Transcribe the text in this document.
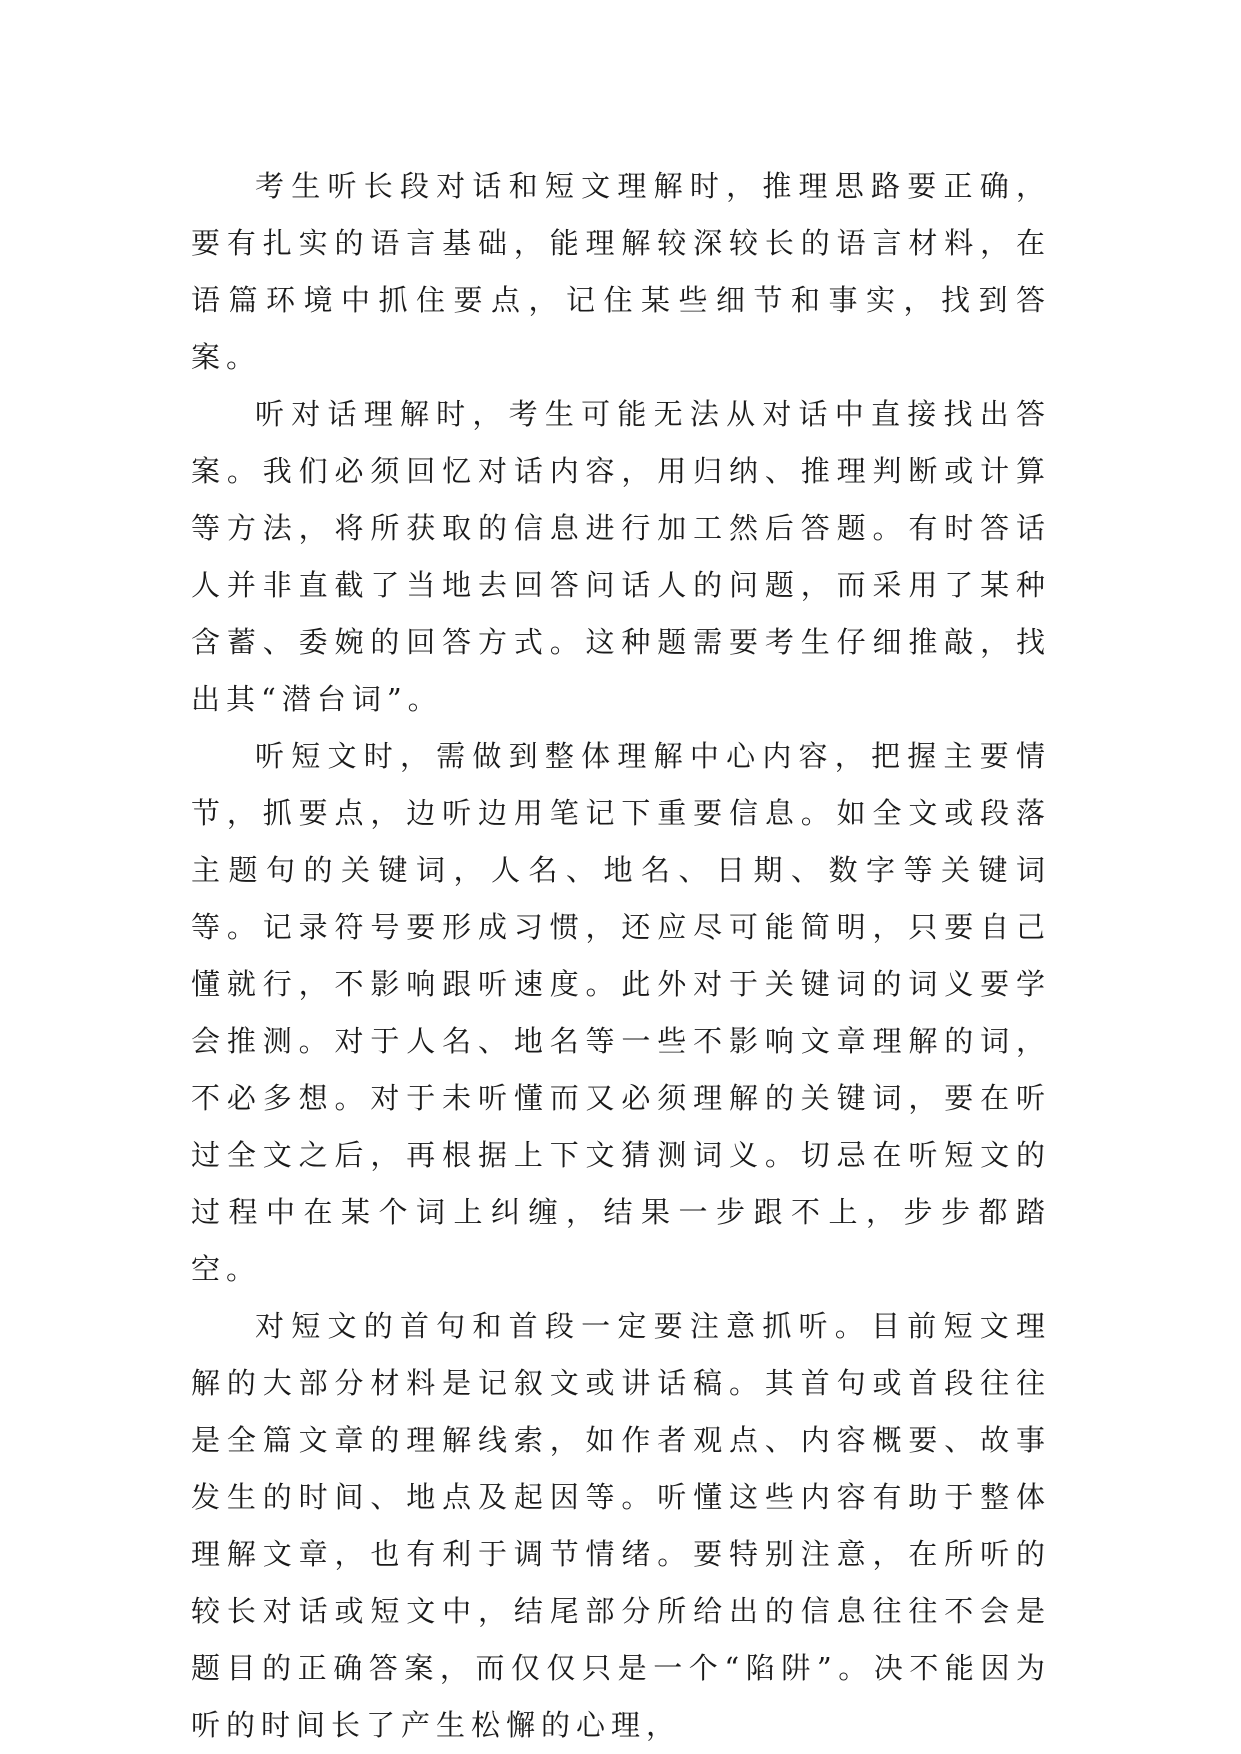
考生听长段对话和短文理解时，推理思路要正确，要有扎实的语言基础，能理解较深较长的语言材料，在语篇环境中抓住要点，记住某些细节和事实，找到答案。

听对话理解时，考生可能无法从对话中直接找出答案。我们必须回忆对话内容，用归纳、推理判断或计算等方法，将所获取的信息进行加工然后答题。有时答话人并非直截了当地去回答问话人的问题，而采用了某种含蓄、委婉的回答方式。这种题需要考生仔细推敲，找出其“潜台词”。

听短文时，需做到整体理解中心内容，把握主要情节，抓要点，边听边用笔记下重要信息。如全文或段落主题句的关键词，人名、地名、日期、数字等关键词等。记录符号要形成习惯，还应尽可能简明，只要自己懂就行，不影响跟听速度。此外对于关键词的词义要学会推测。对于人名、地名等一些不影响文章理解的词，不必多想。对于未听懂而又必须理解的关键词，要在听过全文之后，再根据上下文猜测词义。切忌在听短文的过程中在某个词上纠缠，结果一步跟不上，步步都踏空。

对短文的首句和首段一定要注意抓听。目前短文理解的大部分材料是记叙文或讲话稿。其首句或首段往往是全篇文章的理解线索，如作者观点、内容概要、故事发生的时间、地点及起因等。听懂这些内容有助于整体理解文章，也有利于调节情绪。要特别注意，在所听的较长对话或短文中，结尾部分所给出的信息往往不会是题目的正确答案，而仅仅只是一个“陷阱”。决不能因为听的时间长了产生松懈的心理，
